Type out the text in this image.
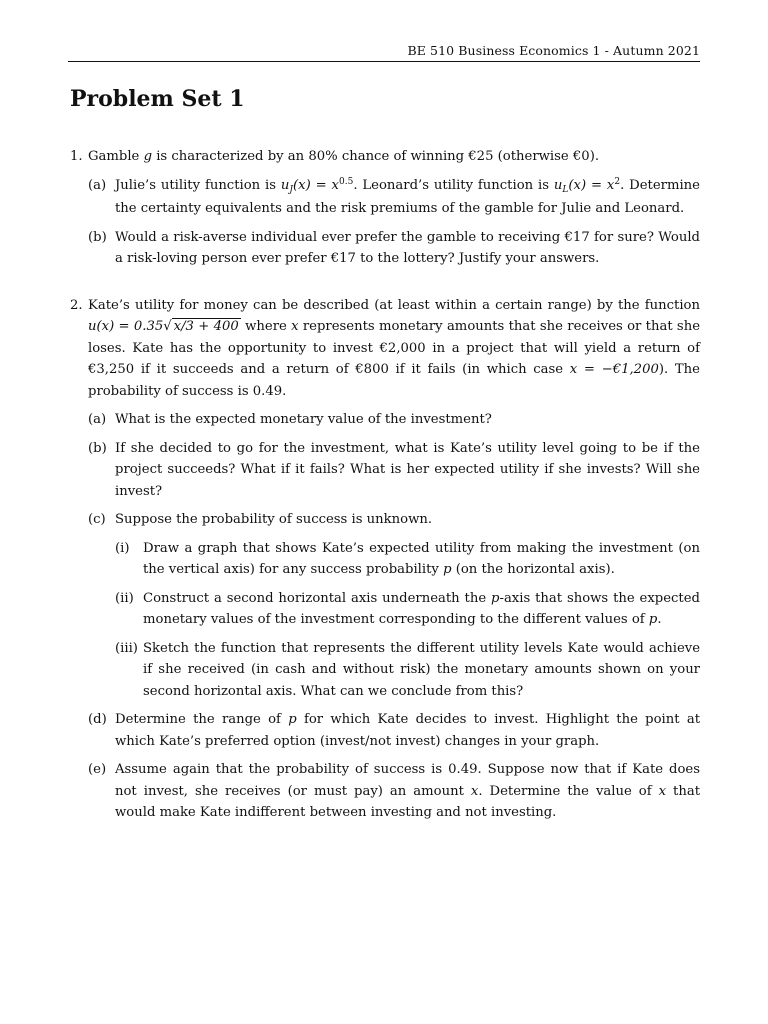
BE 510 Business Economics 1 - Autumn 2021
Problem Set 1
1. Gamble g is characterized by an 80% chance of winning €25 (otherwise €0).
(a) Julie’s utility function is $u_J(x) = x^{0.5}$. Leonard’s utility function is $u_L(x) = x^2$. Determine the certainty equivalents and the risk premiums of the gamble for Julie and Leonard.
(b) Would a risk-averse individual ever prefer the gamble to receiving €17 for sure? Would a risk-loving person ever prefer €17 to the lottery? Justify your answers.
2. Kate’s utility for money can be described (at least within a certain range) by the function u(x) = 0.35√ x/3 + 400 where x represents monetary amounts that she receives or that she loses. Kate has the opportunity to invest €2,000 in a project that will yield a return of €3,250 if it succeeds and a return of €800 if it fails (in which case x = −€1,200). The probability of success is 0.49.
(a) What is the expected monetary value of the investment?
(b) If she decided to go for the investment, what is Kate’s utility level going to be if the project succeeds? What if it fails? What is her expected utility if she invests? Will she invest?
(c) Suppose the probability of success is unknown.
(i) Draw a graph that shows Kate’s expected utility from making the investment (on the vertical axis) for any success probability p (on the horizontal axis).
(ii) Construct a second horizontal axis underneath the p-axis that shows the expected monetary values of the investment corresponding to the different values of p.
(iii) Sketch the function that represents the different utility levels Kate would achieve if she received (in cash and without risk) the monetary amounts shown on your second horizontal axis. What can we conclude from this?
(d) Determine the range of p for which Kate decides to invest. Highlight the point at which Kate’s preferred option (invest/not invest) changes in your graph.
(e) Assume again that the probability of success is 0.49. Suppose now that if Kate does not invest, she receives (or must pay) an amount x. Determine the value of x that would make Kate indifferent between investing and not investing.
